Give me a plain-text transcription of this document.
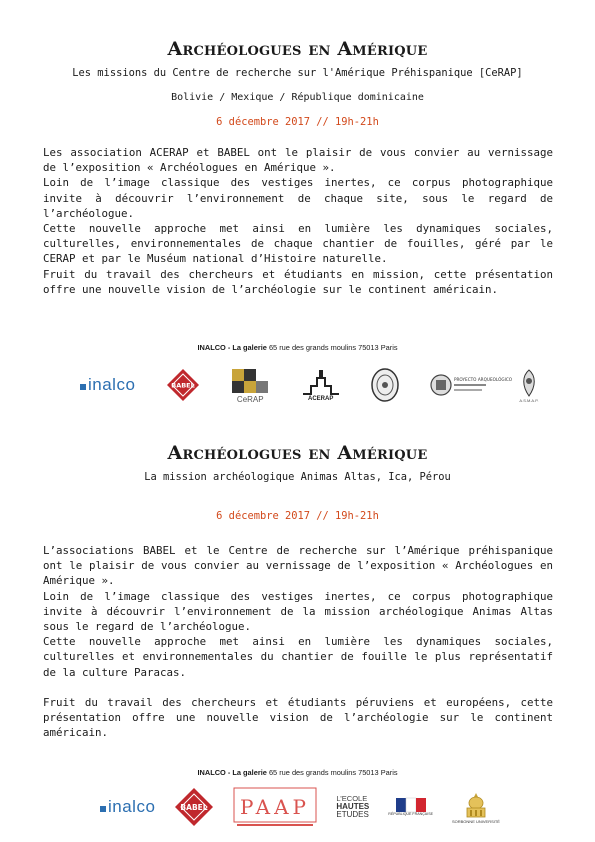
Archéologues en Amérique

Les missions du Centre de recherche sur l'Amérique Préhispanique [CeRAP]

Bolivie / Mexique / République dominicaine

6 décembre 2017 // 19h-21h

Les association ACERAP et BABEL ont le plaisir de vous convier au vernissage de l’exposition « Archéologues en Amérique ».

Loin de l’image classique des vestiges inertes, ce corpus photographique invite à découvrir l’environnement de chaque site, sous le regard de l’archéologue.

Cette nouvelle approche met ainsi en lumière les dynamiques sociales, culturelles, environnementales de chaque chantier de fouilles, géré par le CERAP et par le Muséum national d’Histoire naturelle.

Fruit du travail des chercheurs et étudiants en mission, cette présentation offre une nouvelle vision de l’archéologie sur le continent américain.

INALCO - La galerie 65 rue des grands moulins 75013 Paris

inalco	BABEL
CeRAP	ACERAP
PROYECTO ARQUEOLÓGICO
A.S.M.A.P.
Archéologues en Amérique

La mission archéologique Animas Altas, Ica, Pérou

6 décembre 2017 // 19h-21h

L’associations BABEL et le Centre de recherche sur l’Amérique préhispanique ont le plaisir de vous convier au vernissage de l’exposition « Archéologues en Amérique ».

Loin de l’image classique des vestiges inertes, ce corpus photographique invite à découvrir l’environnement de la mission archéologique Animas Altas sous le regard de l’archéologue.

Cette nouvelle approche met ainsi en lumière les dynamiques sociales, culturelles et environnementales du chantier de fouille le plus représentatif de la culture Paracas.

Fruit du travail des chercheurs et étudiants péruviens et européens, cette présentation offre une nouvelle vision de l’archéologie sur le continent américain.

INALCO - La galerie 65 rue des grands moulins 75013 Paris

inalco	BABEL PAAP	L’ECOLE
HAUTES
ETUDES	RÉPUBLIQUE FRANÇAISE
SORBONNE UNIVERSITÉ
